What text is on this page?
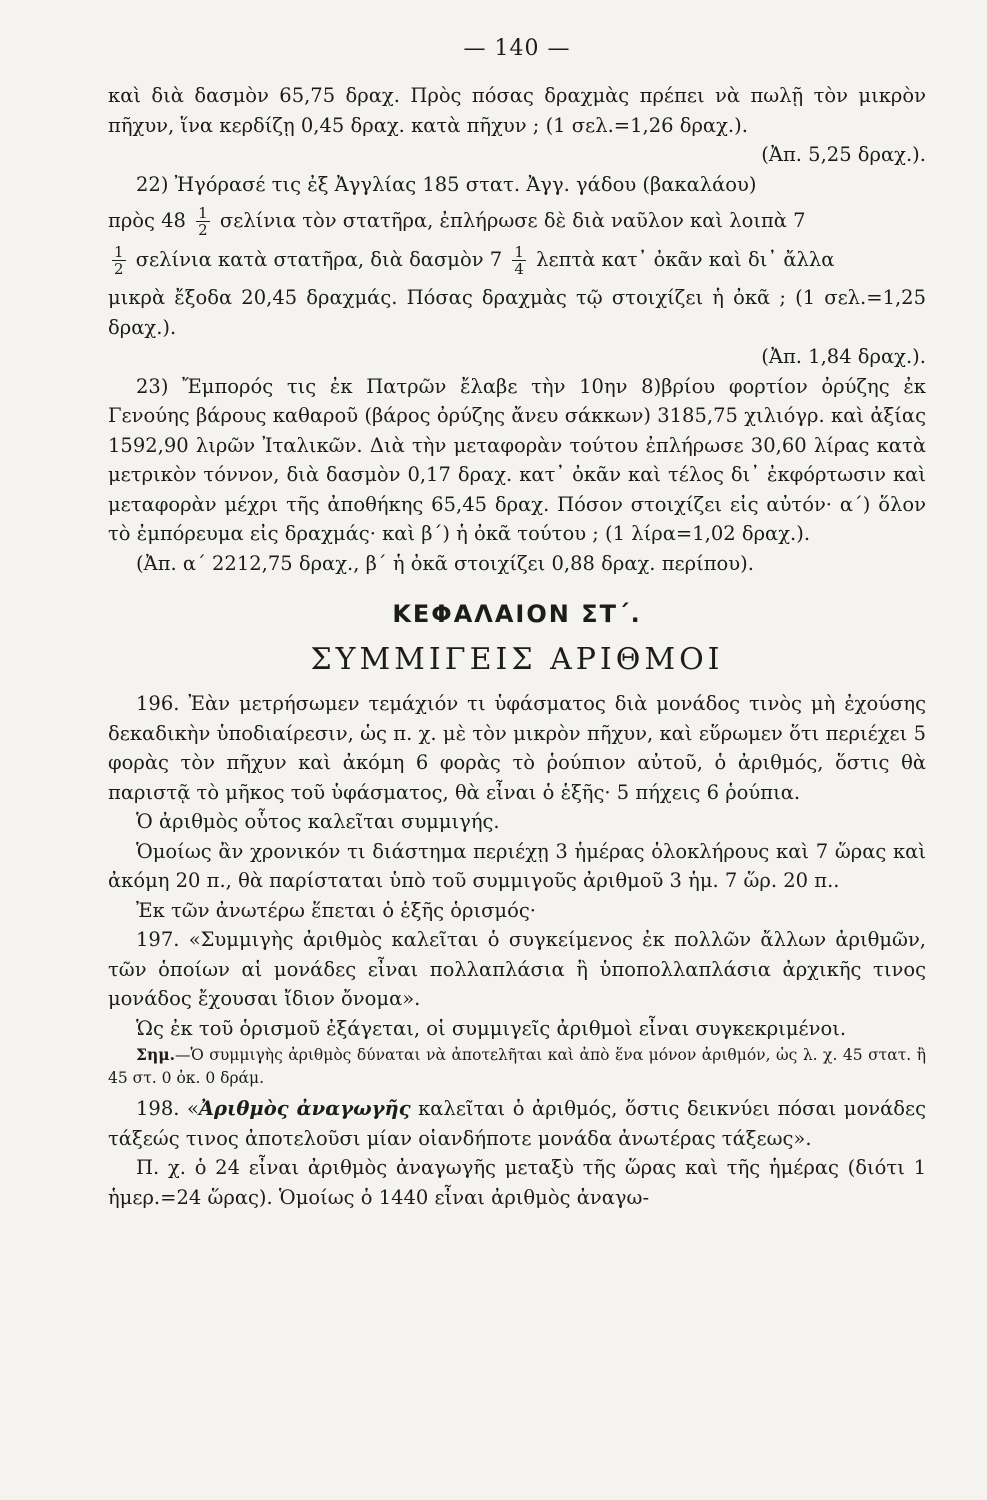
— 140 —

καὶ διὰ δασμὸν 65,75 δραχ. Πρὸς πόσας δραχμὰς πρέπει νὰ πωλῇ τὸν μικρὸν πῆχυν, ἵνα κερδίζῃ 0,45 δραχ. κατὰ πῆχυν ; (1 σελ.=1,26 δραχ.).

(Ἀπ. 5,25 δραχ.).

22) Ἠγόρασέ τις ἐξ Ἀγγλίας 185 στατ. Ἀγγ. γάδου (βακαλάου)

πρὸς $48 \frac{1}{2}$ σελίνια τὸν στατῆρα, ἐπλήρωσε δὲ διὰ ναῦλον καὶ λοιπὰ 7

$\frac{1}{2}$ σελίνια κατὰ στατῆρα, διὰ δασμὸν $7 \frac{1}{4}$ λεπτὰ κατ᾽ ὀκᾶν καὶ δι᾽ ἄλλα

μικρὰ ἔξοδα 20,45 δραχμάς. Πόσας δραχμὰς τῷ στοιχίζει ἡ ὀκᾶ ; (1 σελ.=1,25 δραχ.).

(Ἀπ. 1,84 δραχ.).

23) Ἔμπορός τις ἐκ Πατρῶν ἔλαβε τὴν 10ην 8)βρίου φορτίον ὀρύζης ἐκ Γενούης βάρους καθαροῦ (βάρος ὀρύζης ἄνευ σάκκων) 3185,75 χιλιόγρ. καὶ ἀξίας 1592,90 λιρῶν Ἰταλικῶν. Διὰ τὴν μεταφορὰν τούτου ἐπλήρωσε 30,60 λίρας κατὰ μετρικὸν τόννον, διὰ δασμὸν 0,17 δραχ. κατ᾽ ὀκᾶν καὶ τέλος δι᾽ ἐκφόρτωσιν καὶ μεταφορὰν μέχρι τῆς ἀποθήκης 65,45 δραχ. Πόσον στοιχίζει εἰς αὐτόν· α΄) ὅλον τὸ ἐμπόρευμα εἰς δραχμάς· καὶ β΄) ἡ ὀκᾶ τούτου ; (1 λίρα=1,02 δραχ.).

(Ἀπ. α΄ 2212,75 δραχ., β΄ ἡ ὀκᾶ στοιχίζει 0,88 δραχ. περίπου).

ΚΕΦΑΛΑΙΟΝ ΣΤ΄.
ΣΥΜΜΙΓΕΙΣ ΑΡΙΘΜΟΙ

196. Ἐὰν μετρήσωμεν τεμάχιόν τι ὑφάσματος διὰ μονάδος τινὸς μὴ ἐχούσης δεκαδικὴν ὑποδιαίρεσιν, ὡς π. χ. μὲ τὸν μικρὸν πῆχυν, καὶ εὕρωμεν ὅτι περιέχει 5 φορὰς τὸν πῆχυν καὶ ἀκόμη 6 φορὰς τὸ ῥούπιον αὐτοῦ, ὁ ἀριθμός, ὅστις θὰ παριστᾷ τὸ μῆκος τοῦ ὑφάσματος, θὰ εἶναι ὁ ἑξῆς· 5 πήχεις 6 ῥούπια.

Ὁ ἀριθμὸς οὗτος καλεῖται συμμιγής.

Ὁμοίως ἂν χρονικόν τι διάστημα περιέχῃ 3 ἡμέρας ὁλοκλήρους καὶ 7 ὥρας καὶ ἀκόμη 20 π., θὰ παρίσταται ὑπὸ τοῦ συμμιγοῦς ἀριθμοῦ 3 ἡμ. 7 ὥρ. 20 π..

Ἐκ τῶν ἀνωτέρω ἕπεται ὁ ἑξῆς ὁρισμός·

197. «Συμμιγὴς ἀριθμὸς καλεῖται ὁ συγκείμενος ἐκ πολλῶν ἄλλων ἀριθμῶν, τῶν ὁποίων αἱ μονάδες εἶναι πολλαπλάσια ἢ ὑποπολλαπλάσια ἀρχικῆς τινος μονάδος ἔχουσαι ἴδιον ὄνομα».

Ὡς ἐκ τοῦ ὁρισμοῦ ἐξάγεται, οἱ συμμιγεῖς ἀριθμοὶ εἶναι συγκεκριμένοι.

Σημ.—Ὁ συμμιγὴς ἀριθμὸς δύναται νὰ ἀποτελῆται καὶ ἀπὸ ἕνα μόνον ἀριθμόν, ὡς λ. χ. 45 στατ. ἢ 45 στ. 0 ὀκ. 0 δράμ.

198. «Ἀριθμὸς ἀναγωγῆς καλεῖται ὁ ἀριθμός, ὅστις δεικνύει πόσαι μονάδες τάξεώς τινος ἀποτελοῦσι μίαν οἱανδήποτε μονάδα ἀνωτέρας τάξεως».

Π. χ. ὁ 24 εἶναι ἀριθμὸς ἀναγωγῆς μεταξὺ τῆς ὥρας καὶ τῆς ἡμέρας (διότι 1 ἡμερ.=24 ὥρας). Ὁμοίως ὁ 1440 εἶναι ἀριθμὸς ἀναγω-
